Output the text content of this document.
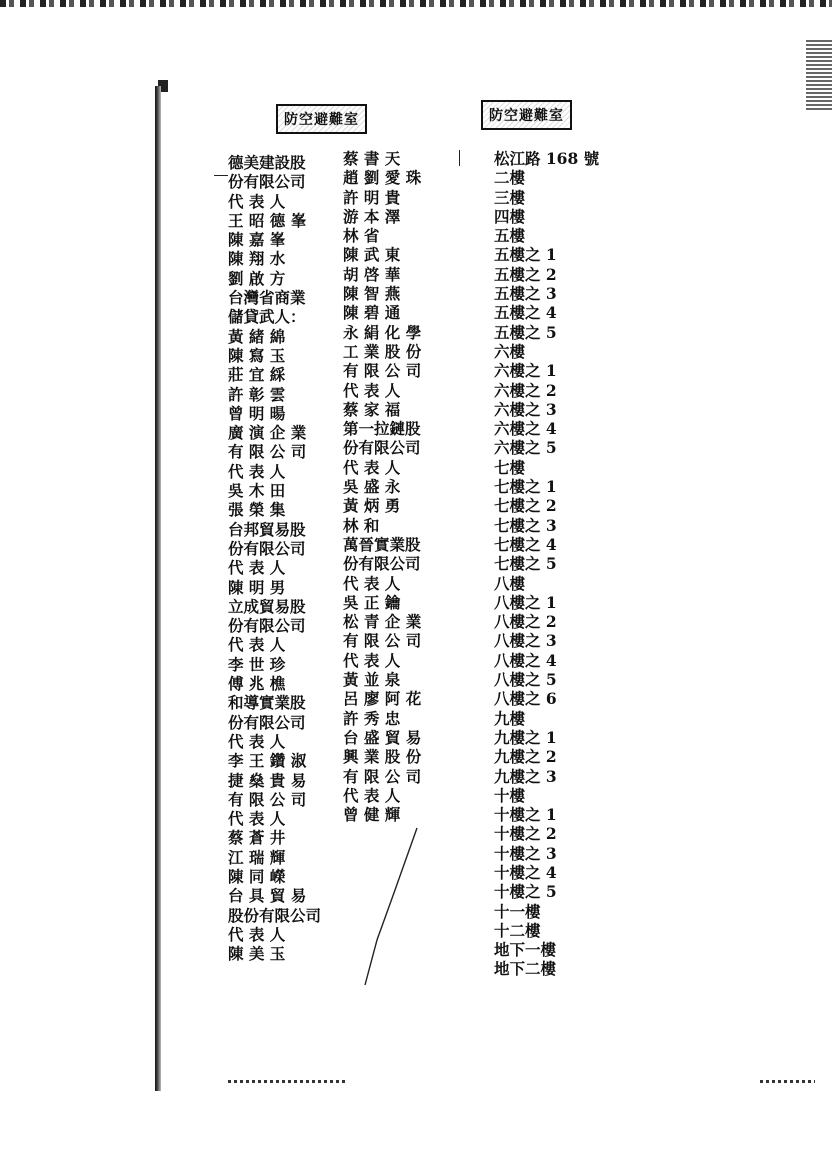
防空避難室	防空避難室
德美建設股
份有限公司
代 表 人
王 昭 德 峯
陳 嘉 峯
陳 翔 水
劉 啟 方
台灣省商業
儲貸武人：
黃 緒 綿
陳 寫 玉
莊 宜 綵
許 彰 雲
曾 明 暘
廣 演 企 業
有 限 公 司
代 表 人
吳 木 田
張 榮 集
台邦貿易股
份有限公司
代 表 人
陳 明 男
立成貿易股
份有限公司
代 表 人
李 世 珍
傅 兆 樵
和導實業股
份有限公司
代 表 人
李 王 鑽 淑
捷 燊 貴 易
有 限 公 司
代 表 人
蔡 蒼 井
江 瑞 輝
陳 同 嶸
台 具 貿 易
股份有限公司
代 表 人
陳 美 玉
蔡 書 天
趙 劉 愛 珠
許 明 貴
游 本 澤
林 省
陳 武 東
胡 啓 華
陳 智 燕
陳 碧 通
永 絹 化 學
工 業 股 份
有 限 公 司
代 表 人
蔡 家 福
第一拉鏈股
份有限公司
代 表 人
吳 盛 永
黃 炳 勇
林 和
萬晉實業股
份有限公司
代 表 人
吳 正 鑰
松 青 企 業
有 限 公 司
代 表 人
黃 並 泉
呂 廖 阿 花
許 秀 忠
台 盛 貿 易
興 業 股 份
有 限 公 司
代 表 人
曾 健 輝
松江路 168 號
二樓
三樓
四樓
五樓
五樓之 1
五樓之 2
五樓之 3
五樓之 4
五樓之 5
六樓
六樓之 1
六樓之 2
六樓之 3
六樓之 4
六樓之 5
七樓
七樓之 1
七樓之 2
七樓之 3
七樓之 4
七樓之 5
八樓
八樓之 1
八樓之 2
八樓之 3
八樓之 4
八樓之 5
八樓之 6
九樓
九樓之 1
九樓之 2
九樓之 3
十樓
十樓之 1
十樓之 2
十樓之 3
十樓之 4
十樓之 5
十一樓
十二樓
地下一樓
地下二樓
